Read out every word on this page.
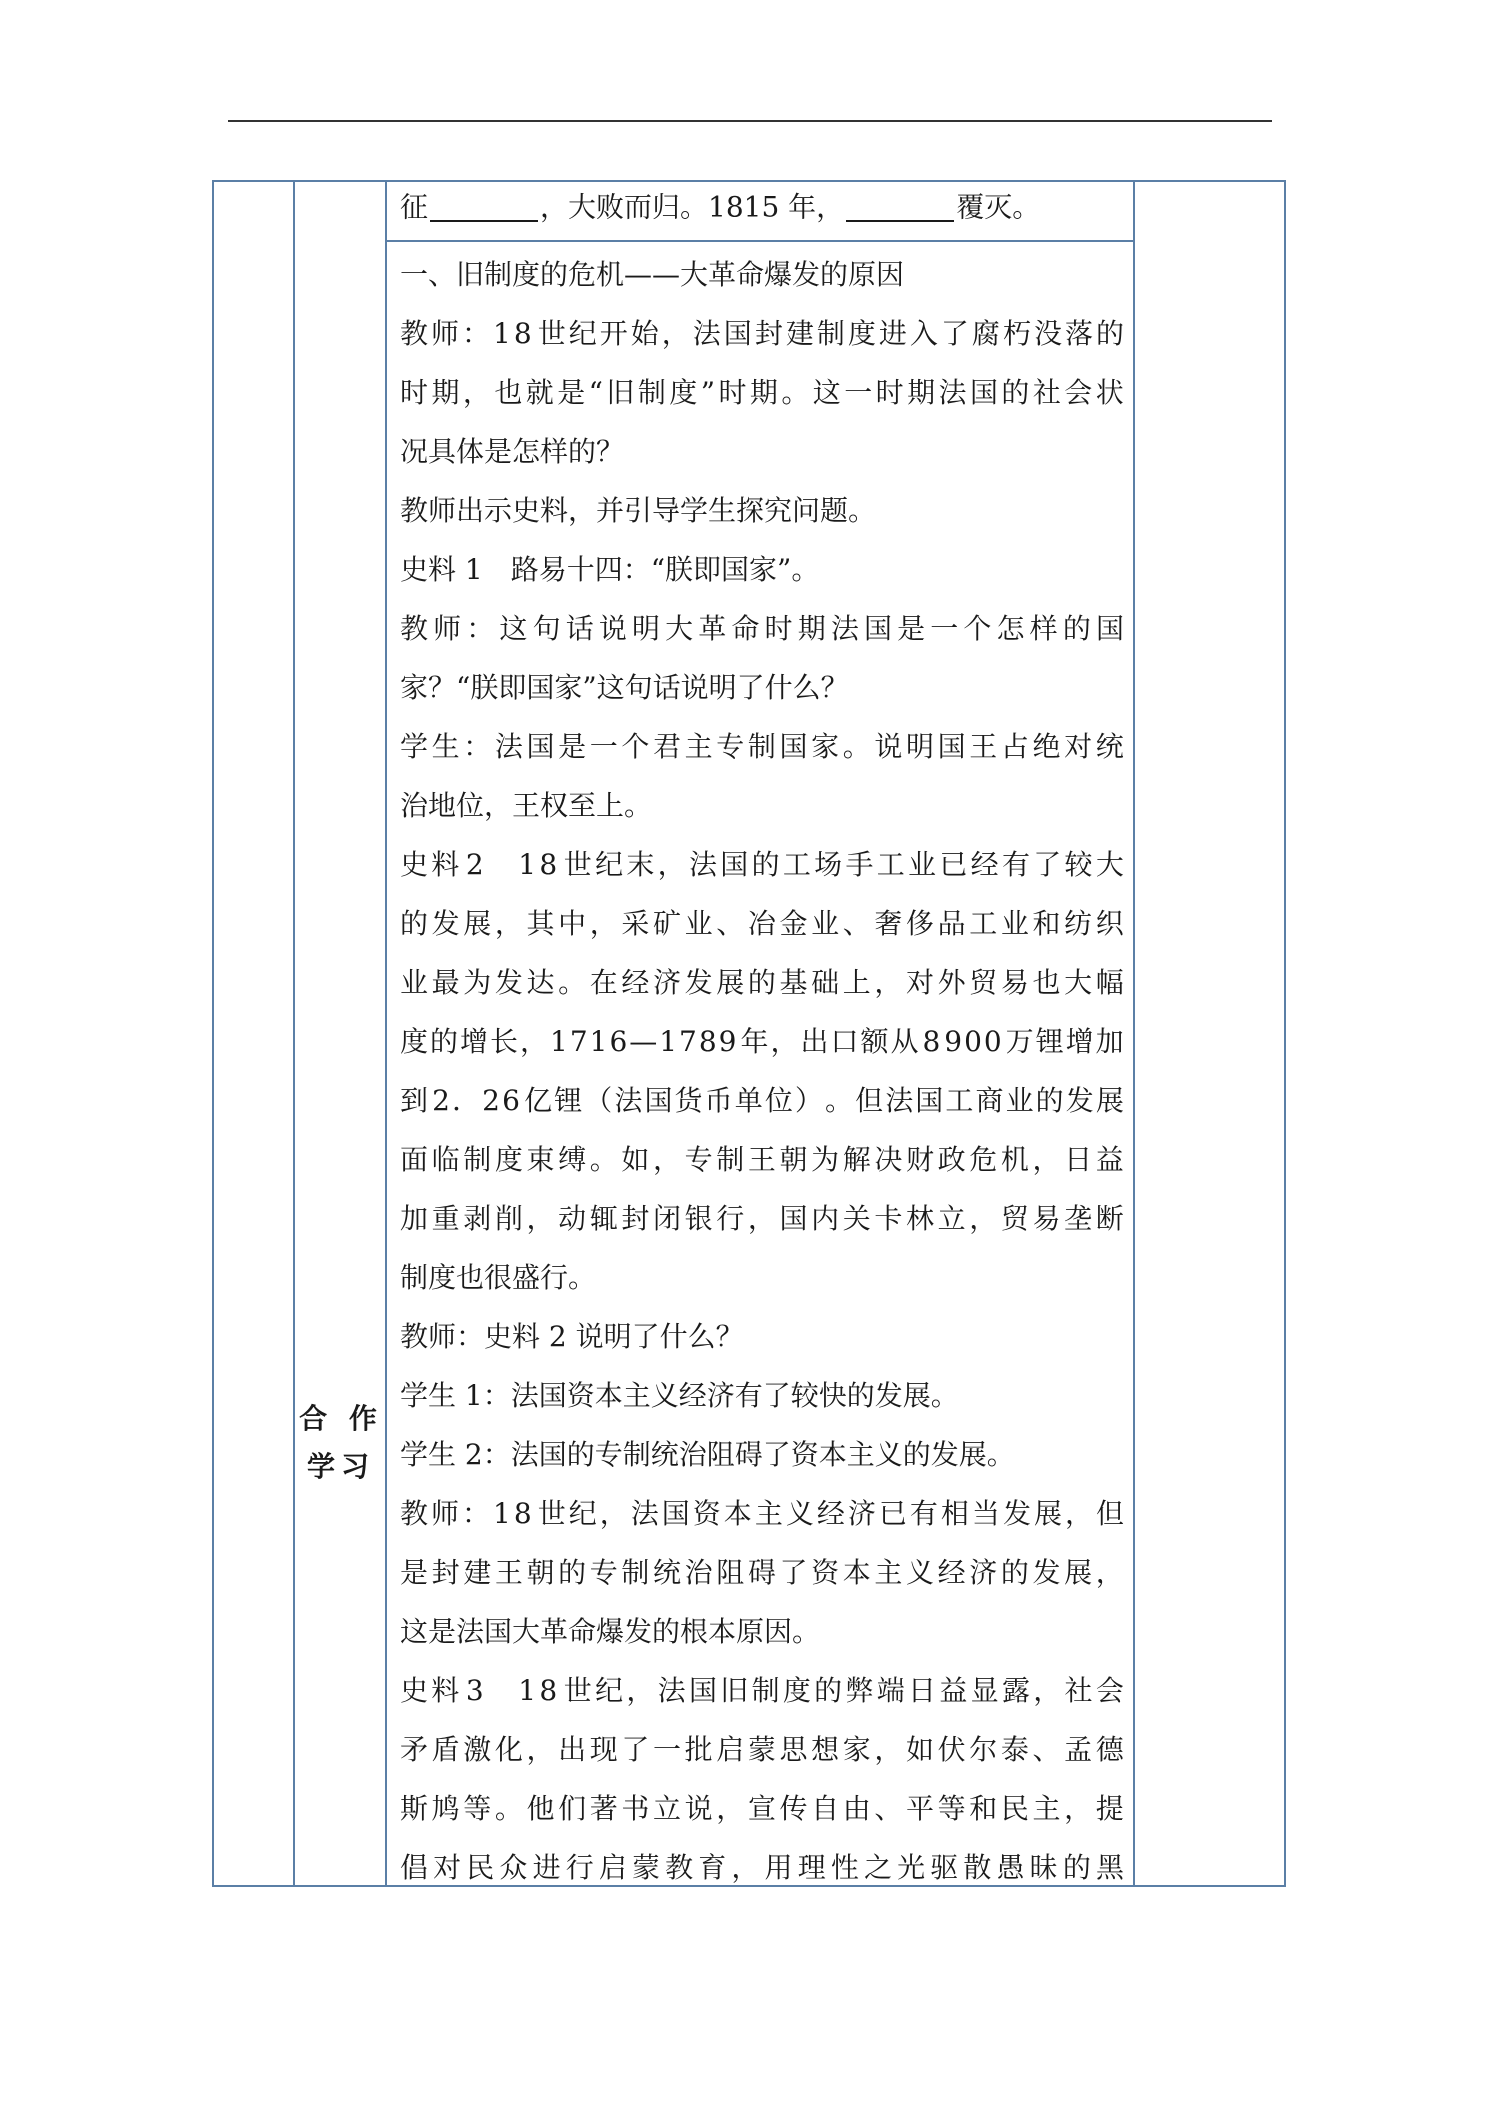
征	，大败而归。1815 年，	覆灭。
合 作
学习
一、旧制度的危机——大革命爆发的原因
教 师 ： 1 8 世 纪 开 始 ， 法 国 封 建 制 度 进 入 了 腐 朽 没 落 的
时 期 ， 也 就 是 “ 旧 制 度 ” 时 期 。 这 一 时 期 法 国 的 社 会 状
况具体是怎样的？
教师出示史料，并引导学生探究问题。
史料 1　路易十四：“朕即国家”。
教 师 ： 这 句 话 说 明 大 革 命 时 期 法 国 是 一 个 怎 样 的 国
家？“朕即国家”这句话说明了什么？
学 生 ： 法 国 是 一 个 君 主 专 制 国 家 。 说 明 国 王 占 绝 对 统
治地位，王权至上。
史 料 2
　 1 8 世 纪 末 ， 法 国 的 工 场 手 工 业 已 经 有 了 较 大
的 发 展 ， 其 中 ， 采 矿 业 、 冶 金 业 、 奢 侈 品 工 业 和 纺 织
业 最 为 发 达 。 在 经 济 发 展 的 基 础 上 ， 对 外 贸 易 也 大 幅
度 的 增 长 ， 1 7 1 6 — 1 7 8 9 年 ， 出 口 额 从 8 9 0 0 万 锂 增 加
到 2 ． 2 6 亿 锂 （ 法 国 货 币 单 位 ） 。 但 法 国 工 商 业 的 发 展
面 临 制 度 束 缚 。 如 ， 专 制 王 朝 为 解 决 财 政 危 机 ， 日 益
加 重 剥 削 ， 动 辄 封 闭 银 行 ， 国 内 关 卡 林 立 ， 贸 易 垄 断
制度也很盛行。
教师：史料 2 说明了什么？
学生 1：法国资本主义经济有了较快的发展。
学生 2：法国的专制统治阻碍了资本主义的发展。
教 师 ： 1 8 世 纪 ， 法 国 资 本 主 义 经 济 已 有 相 当 发 展 ， 但
是 封 建 王 朝 的 专 制 统 治 阻 碍 了 资 本 主 义 经 济 的 发 展 ，
这是法国大革命爆发的根本原因。
史 料 3
　 1 8 世 纪 ， 法 国 旧 制 度 的 弊 端 日 益 显 露 ， 社 会
矛 盾 激 化 ， 出 现 了 一 批 启 蒙 思 想 家 ， 如 伏 尔 泰 、 孟 德
斯 鸠 等 。 他 们 著 书 立 说 ， 宣 传 自 由 、 平 等 和 民 主 ， 提
倡 对 民 众 进 行 启 蒙 教 育 ， 用 理 性 之 光 驱 散 愚 昧 的 黑
